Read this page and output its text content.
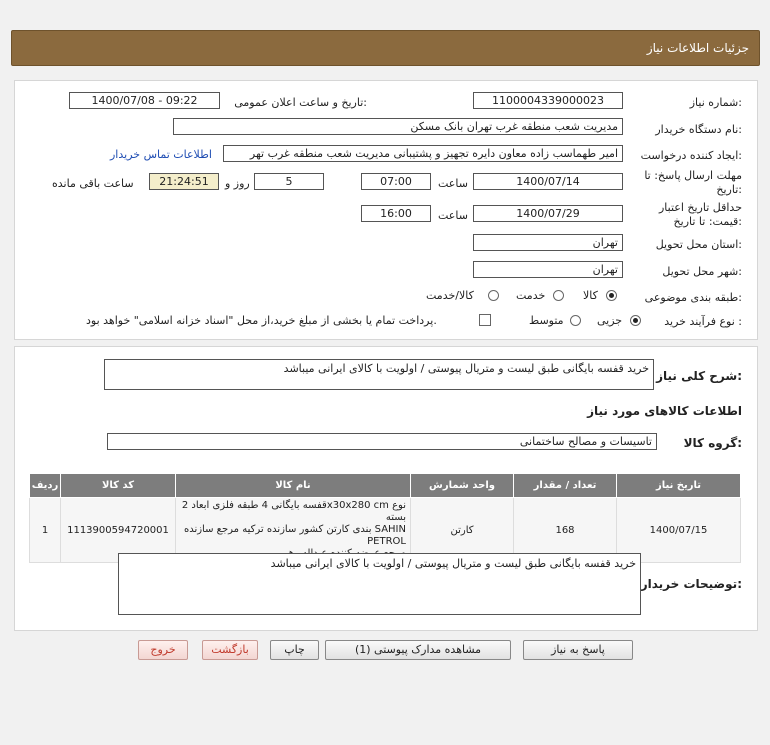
جزئیات اطلاعات نیاز
شماره نیاز:
1100004339000023
تاریخ و ساعت اعلان عمومی:
1400/07/08 - 09:22
نام دستگاه خریدار:
مدیریت شعب منطقه غرب تهران بانک مسکن
ایجاد کننده درخواست:
امیر طهماسب زاده معاون دایره تجهیز و پشتیبانی مدیریت شعب منطقه غرب تهر
اطلاعات تماس خریدار
مهلت ارسال پاسخ: تا
تاریخ:
1400/07/14
ساعت
07:00
5
روز و
21:24:51
ساعت باقی مانده
حداقل تاریخ اعتبار
قیمت: تا تاریخ:
1400/07/29
ساعت
16:00
استان محل تحویل:
تهران
شهر محل تحویل:
تهران
طبقه بندی موضوعی:
کالا
خدمت
کالا/خدمت
نوع فرآیند خرید :
جزیی
متوسط
پرداخت تمام یا بخشی از مبلغ خرید،از محل "اسناد خزانه اسلامی" خواهد بود.
شرح کلی نیاز:
خرید قفسه بایگانی طبق لیست و متریال پیوستی / اولویت با کالای ایرانی میباشد
اطلاعات کالاهای مورد نیاز
گروه کالا:
تاسیسات و مصالح ساختمانی
ردیف	کد کالا	نام کالا	واحد شمارش	تعداد / مقدار	تاریخ نیاز
1	1113900594720001	قفسه بایگانی 4 طبقه فلزی ابعاد 2x30x280 cm نوع بسته
بندی کارتن کشور سازنده ترکیه مرجع سازنده SAHIN PETROL	کارتن	168	1400/07/15
توضیحات خریدار:
خرید قفسه بایگانی طبق لیست و متریال پیوستی / اولویت با کالای ایرانی میباشد
پاسخ به نیاز
مشاهده مدارک پیوستی (1)
چاپ
بازگشت
خروج
